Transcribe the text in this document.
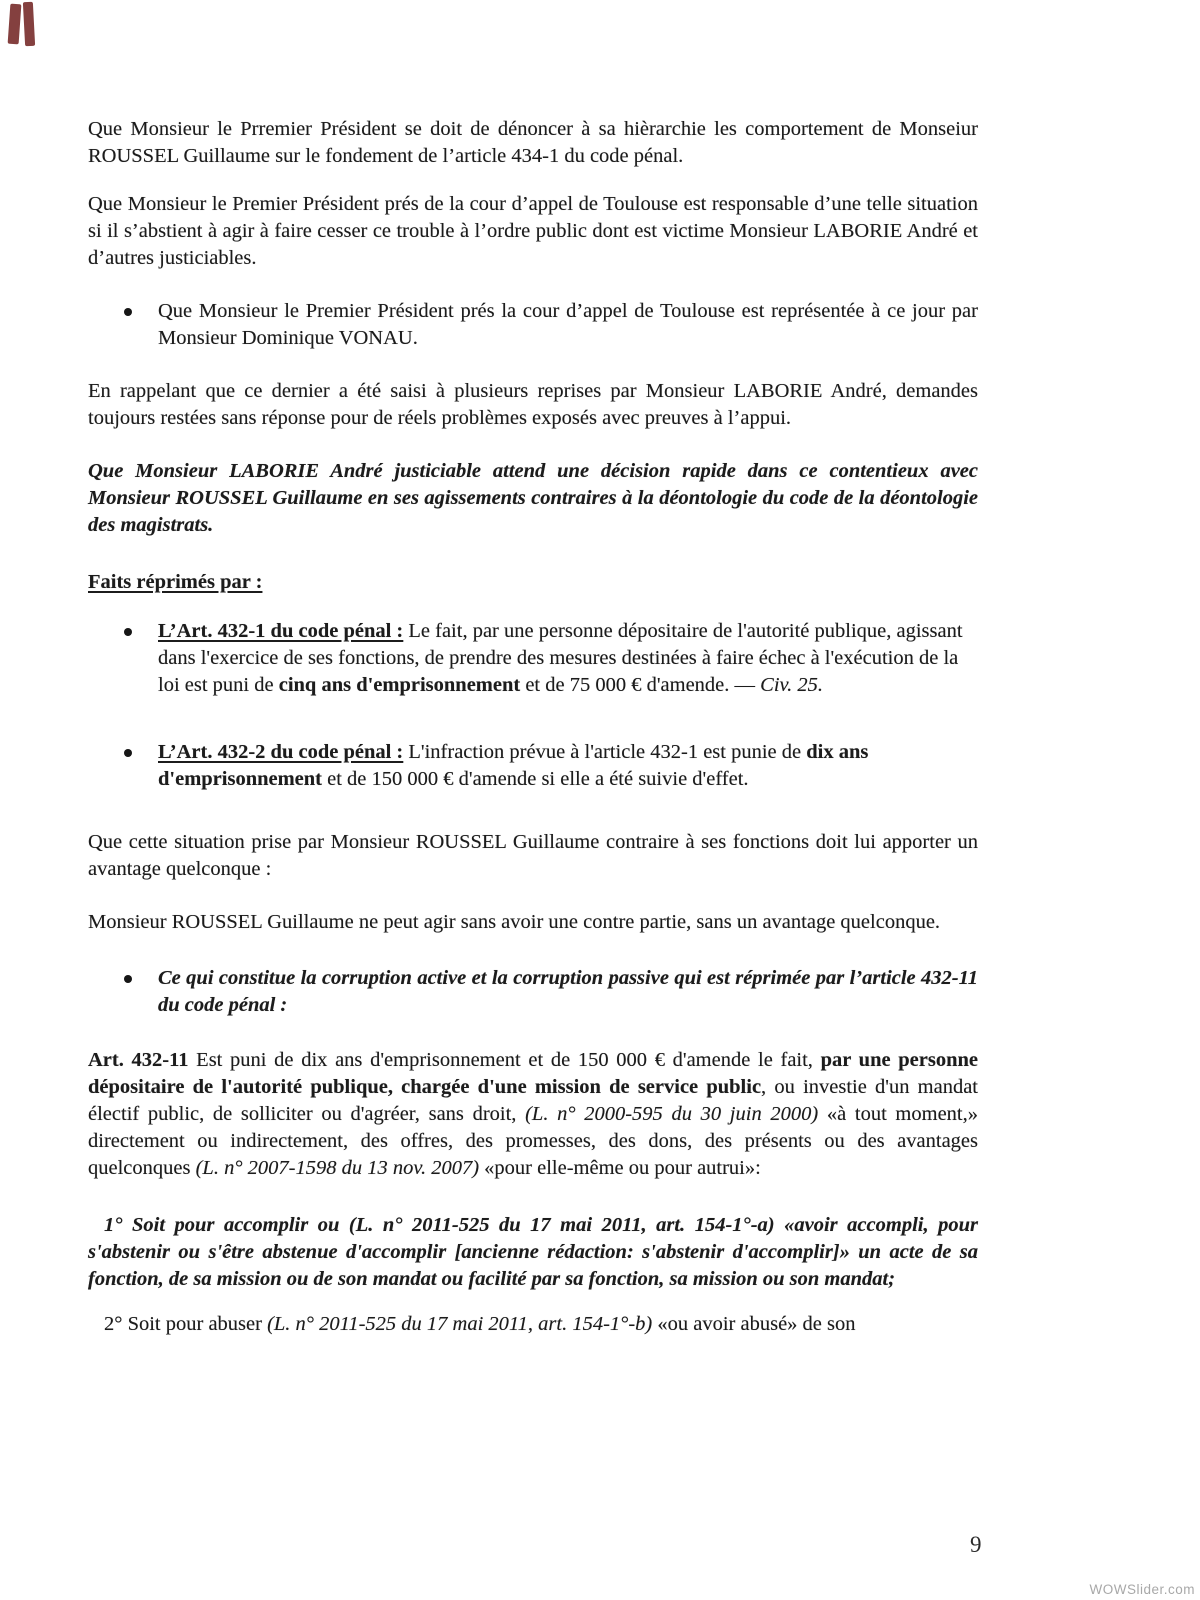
Que Monsieur le Prremier Président se doit de dénoncer à sa hièrarchie les comportement de Monseiur ROUSSEL Guillaume sur le fondement de l’article 434-1 du code pénal.

Que Monsieur le Premier Président prés de la cour d’appel de Toulouse est responsable d’une telle situation si il s’abstient à agir à faire cesser ce trouble à l’ordre public dont est victime Monsieur LABORIE André et d’autres justiciables.

Que Monsieur le Premier Président prés la cour d’appel de Toulouse est représentée à ce jour par Monsieur Dominique VONAU.

En rappelant que ce dernier a été saisi à plusieurs reprises par Monsieur LABORIE André, demandes toujours restées sans réponse pour de réels problèmes exposés avec preuves à l’appui.

Que Monsieur LABORIE André justiciable attend une décision rapide dans ce contentieux avec Monsieur ROUSSEL Guillaume en ses agissements contraires à la déontologie du code de la déontologie des magistrats.

Faits réprimés par :
L’Art. 432-1 du code pénal : Le fait, par une personne dépositaire de l'autorité publique, agissant dans l'exercice de ses fonctions, de prendre des mesures destinées à faire échec à l'exécution de la loi est puni de cinq ans d'emprisonnement et de 75 000 € d'amende. — Civ. 25.
L’Art. 432-2 du code pénal : L'infraction prévue à l'article 432-1 est punie de dix ans d'emprisonnement et de 150 000 € d'amende si elle a été suivie d'effet.

Que cette situation prise par Monsieur ROUSSEL Guillaume contraire à ses fonctions doit lui apporter un avantage quelconque :

Monsieur ROUSSEL Guillaume ne peut agir sans avoir une contre partie, sans un avantage quelconque.

Ce qui constitue la corruption active et la corruption passive qui est réprimée par l’article 432-11 du code pénal :

Art. 432-11 Est puni de dix ans d'emprisonnement et de 150 000 € d'amende le fait, par une personne dépositaire de l'autorité publique, chargée d'une mission de service public, ou investie d'un mandat électif public, de solliciter ou d'agréer, sans droit, (L. n° 2000-595 du 30 juin 2000) «à tout moment,» directement ou indirectement, des offres, des promesses, des dons, des présents ou des avantages quelconques (L. n° 2007-1598 du 13 nov. 2007) «pour elle-même ou pour autrui»:

1° Soit pour accomplir ou (L. n° 2011-525 du 17 mai 2011, art. 154-1°-a) «avoir accompli, pour s'abstenir ou s'être abstenue d'accomplir [ancienne rédaction: s'abstenir d'accomplir]» un acte de sa fonction, de sa mission ou de son mandat ou facilité par sa fonction, sa mission ou son mandat;

2° Soit pour abuser (L. n° 2011-525 du 17 mai 2011, art. 154-1°-b) «ou avoir abusé» de son

9
WOWSlider.com
